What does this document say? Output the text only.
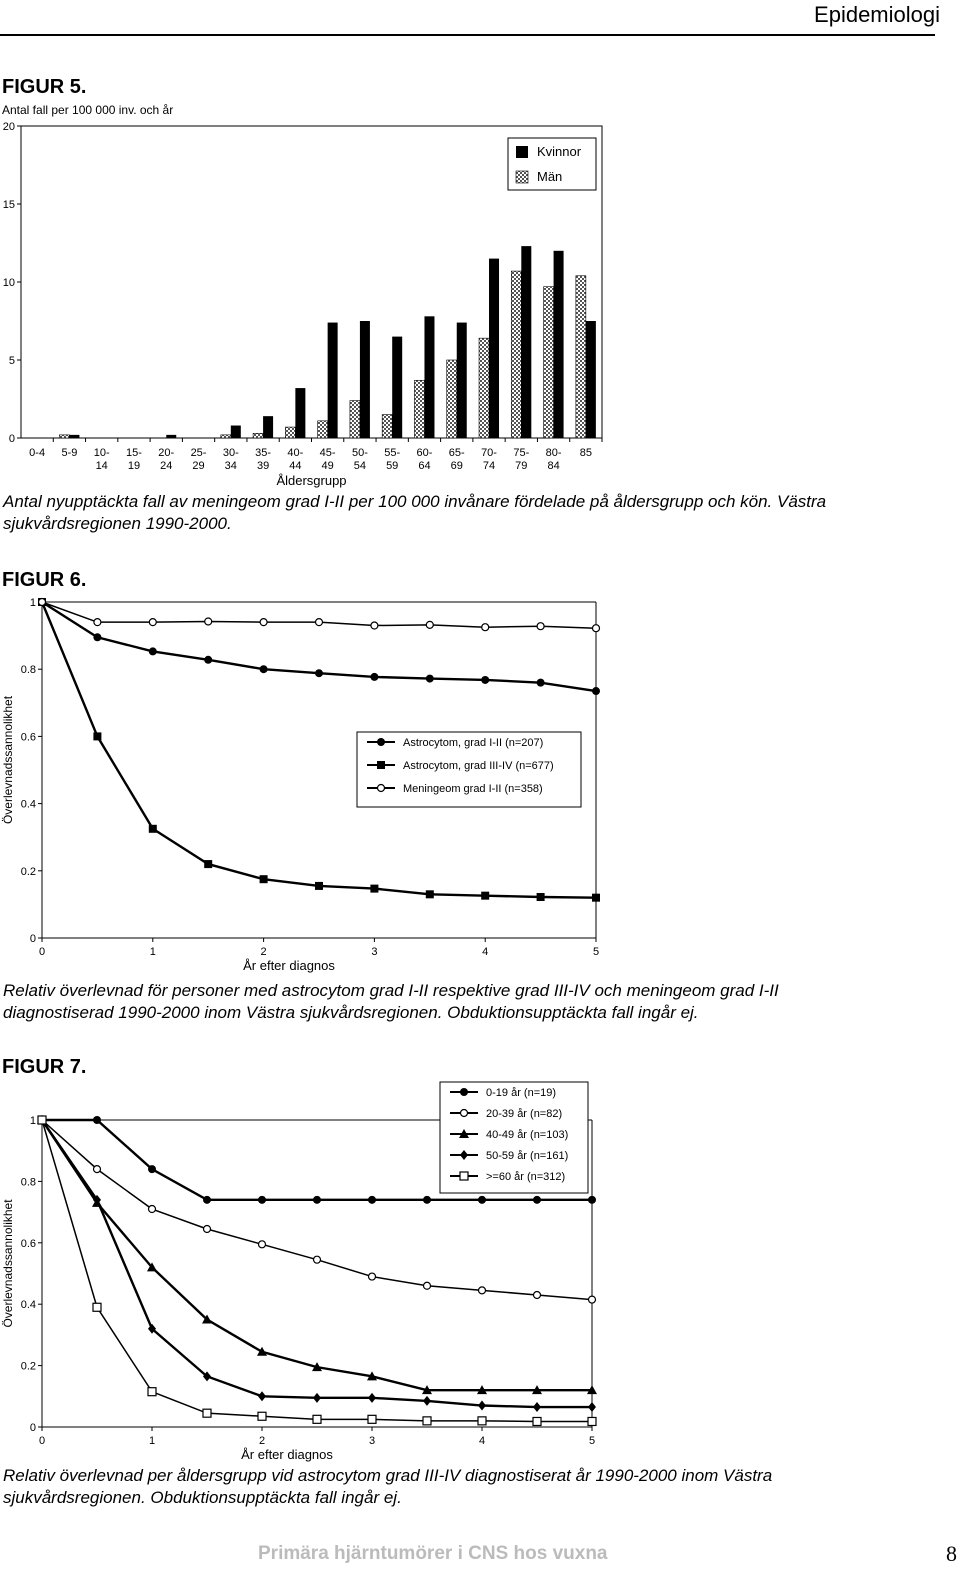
Epidemiologi
FIGUR 5.
Antal fall per 100 000 inv. och år
0
5
10
15
20
0-4 5-9 10-14
15-19
20-24
25-29
30-34
35-39
40-44
45-49
50-54
55-59
60-64
65-69
70-74
75-79
80-84
85
Åldersgrupp
Kvinnor
Män
Antal nyupptäckta fall av meningeom grad I-II per 100 000 invånare fördelade på åldersgrupp och kön. Västra sjukvårdsregionen 1990-2000.
FIGUR 6.
0
0.2
0.4
0.6
0.8
1
0	1	2	3	4	5
År efter diagnos
Överlevnadssannolikhet	Astrocytom, grad I-II (n=207)
Astrocytom, grad III-IV (n=677)
Meningeom grad I-II (n=358)
Relativ överlevnad för personer med astrocytom grad I-II respektive grad III-IV och meningeom grad I-II diagnostiserad 1990-2000 inom Västra sjukvårdsregionen. Obduktionsupptäckta fall ingår ej.
FIGUR 7.
0
0.2
0.4
0.6
0.8
1
0	1	2	3	4	5
År efter diagnos
Överlevnadssannolikhet
0-19 år (n=19)
20-39 år (n=82)
40-49 år (n=103)
50-59 år (n=161)
>=60 år (n=312)
Relativ överlevnad per åldersgrupp vid astrocytom grad III-IV diagnostiserat år 1990-2000 inom Västra sjukvårdsregionen. Obduktionsupptäckta fall ingår ej.
Primära hjärntumörer i CNS hos vuxna	8
